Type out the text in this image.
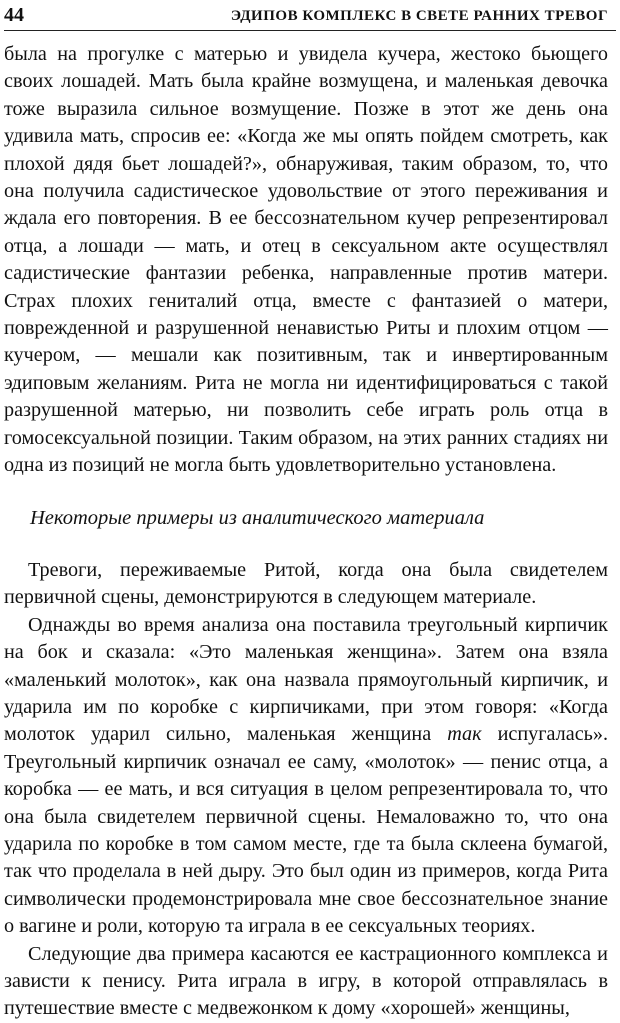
44	ЭДИПОВ КОМПЛЕКС В СВЕТЕ РАННИХ ТРЕВОГ

была на прогулке с матерью и увидела кучера, жестоко бьющего своих лошадей. Мать была крайне возмущена, и маленькая девочка тоже выразила сильное возмущение. Позже в этот же день она удивила мать, спросив ее: «Когда же мы опять пойдем смотреть, как плохой дядя бьет лошадей?», обнаруживая, таким образом, то, что она получила садистическое удовольствие от этого переживания и ждала его повторения. В ее бессознательном кучер репрезентировал отца, а лошади — мать, и отец в сексуальном акте осуществлял садистические фантазии ребенка, направленные против матери. Страх плохих гениталий отца, вместе с фантазией о матери, поврежденной и разрушенной ненавистью Риты и плохим отцом — кучером, — мешали как позитивным, так и инвертированным эдиповым желаниям. Рита не могла ни идентифицироваться с такой разрушенной матерью, ни позволить себе играть роль отца в гомосексуальной позиции. Таким образом, на этих ранних стадиях ни одна из позиций не могла быть удовлетворительно установлена.

Некоторые примеры из аналитического материала

Тревоги, переживаемые Ритой, когда она была свидетелем первичной сцены, демонстрируются в следующем материале.

Однажды во время анализа она поставила треугольный кирпичик на бок и сказала: «Это маленькая женщина». Затем она взяла «маленький молоток», как она назвала прямоугольный кирпичик, и ударила им по коробке с кирпичиками, при этом говоря: «Когда молоток ударил сильно, маленькая женщина так испугалась». Треугольный кирпичик означал ее саму, «молоток» — пенис отца, а коробка — ее мать, и вся ситуация в целом репрезентировала то, что она была свидетелем первичной сцены. Немаловажно то, что она ударила по коробке в том самом месте, где та была склеена бумагой, так что проделала в ней дыру. Это был один из примеров, когда Рита символически продемонстрировала мне свое бессознательное знание о вагине и роли, которую та играла в ее сексуальных теориях.

Следующие два примера касаются ее кастрационного комплекса и зависти к пенису. Рита играла в игру, в которой отправлялась в путешествие вместе с медвежонком к дому «хорошей» женщины,
